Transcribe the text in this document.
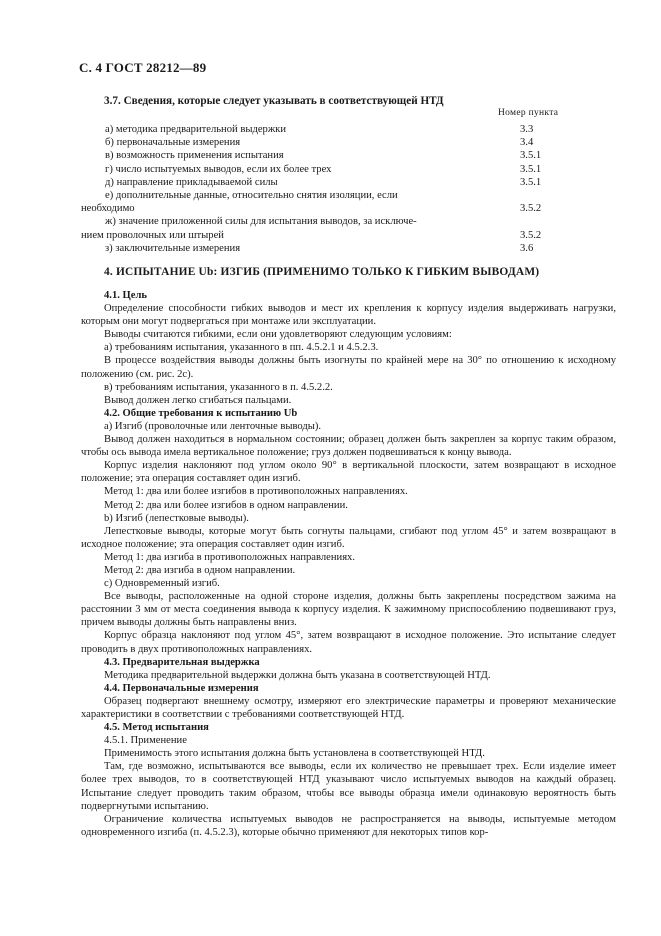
С. 4 ГОСТ 28212—89
3.7. Сведения, которые следует указывать в соответствующей НТД
Номер пункта
а) методика предварительной выдержки	3.3
б) первоначальные измерения	3.4
в) возможность применения испытания	3.5.1
г) число испытуемых выводов, если их более трех	3.5.1
д) направление прикладываемой силы	3.5.1
е) дополнительные данные, относительно снятия изоляции, если
необходимо	3.5.2
ж) значение приложенной силы для испытания выводов, за исключе-
нием проволочных или штырей	3.5.2
з) заключительные измерения	3.6
4. ИСПЫТАНИЕ Ub: ИЗГИБ (ПРИМЕНИМО ТОЛЬКО К ГИБКИМ ВЫВОДАМ)

4.1. Цель

Определение способности гибких выводов и мест их крепления к корпусу изделия выдерживать нагрузки, которым они могут подвергаться при монтаже или эксплуатации.

Выводы считаются гибкими, если они удовлетворяют следующим условиям:

а) требованиям испытания, указанного в пп. 4.5.2.1 и 4.5.2.3.

В процессе воздействия выводы должны быть изогнуты по крайней мере на 30° по отношению к исходному положению (см. рис. 2с).

в) требованиям испытания, указанного в п. 4.5.2.2.

Вывод должен легко сгибаться пальцами.

4.2. Общие требования к испытанию Ub

а) Изгиб (проволочные или ленточные выводы).

Вывод должен находиться в нормальном состоянии; образец должен быть закреплен за корпус таким образом, чтобы ось вывода имела вертикальное положение; груз должен подвешиваться к концу вывода.

Корпус изделия наклоняют под углом около 90° в вертикальной плоскости, затем возвращают в исходное положение; эта операция составляет один изгиб.

Метод 1: два или более изгибов в противоположных направлениях.

Метод 2: два или более изгибов в одном направлении.

b) Изгиб (лепестковые выводы).

Лепестковые выводы, которые могут быть согнуты пальцами, сгибают под углом 45° и затем возвращают в исходное положение; эта операция составляет один изгиб.

Метод 1: два изгиба в противоположных направлениях.

Метод 2: два изгиба в одном направлении.

с) Одновременный изгиб.

Все выводы, расположенные на одной стороне изделия, должны быть закреплены посредством зажима на расстоянии 3 мм от места соединения вывода к корпусу изделия. К зажимному приспособлению подвешивают груз, причем выводы должны быть направлены вниз.

Корпус образца наклоняют под углом 45°, затем возвращают в исходное положение. Это испытание следует проводить в двух противоположных направлениях.

4.3. Предварительная выдержка

Методика предварительной выдержки должна быть указана в соответствующей НТД.

4.4. Первоначальные измерения

Образец подвергают внешнему осмотру, измеряют его электрические параметры и проверяют механические характеристики в соответствии с требованиями соответствующей НТД.

4.5. Метод испытания

4.5.1. Применение

Применимость этого испытания должна быть установлена в соответствующей НТД.

Там, где возможно, испытываются все выводы, если их количество не превышает трех. Если изделие имеет более трех выводов, то в соответствующей НТД указывают число испытуемых выводов на каждый образец. Испытание следует проводить таким образом, чтобы все выводы образца имели одинаковую вероятность быть подвергнутыми испытанию.

Ограничение количества испытуемых выводов не распространяется на выводы, испытуемые методом одновременного изгиба (п. 4.5.2.3), которые обычно применяют для некоторых типов кор-
